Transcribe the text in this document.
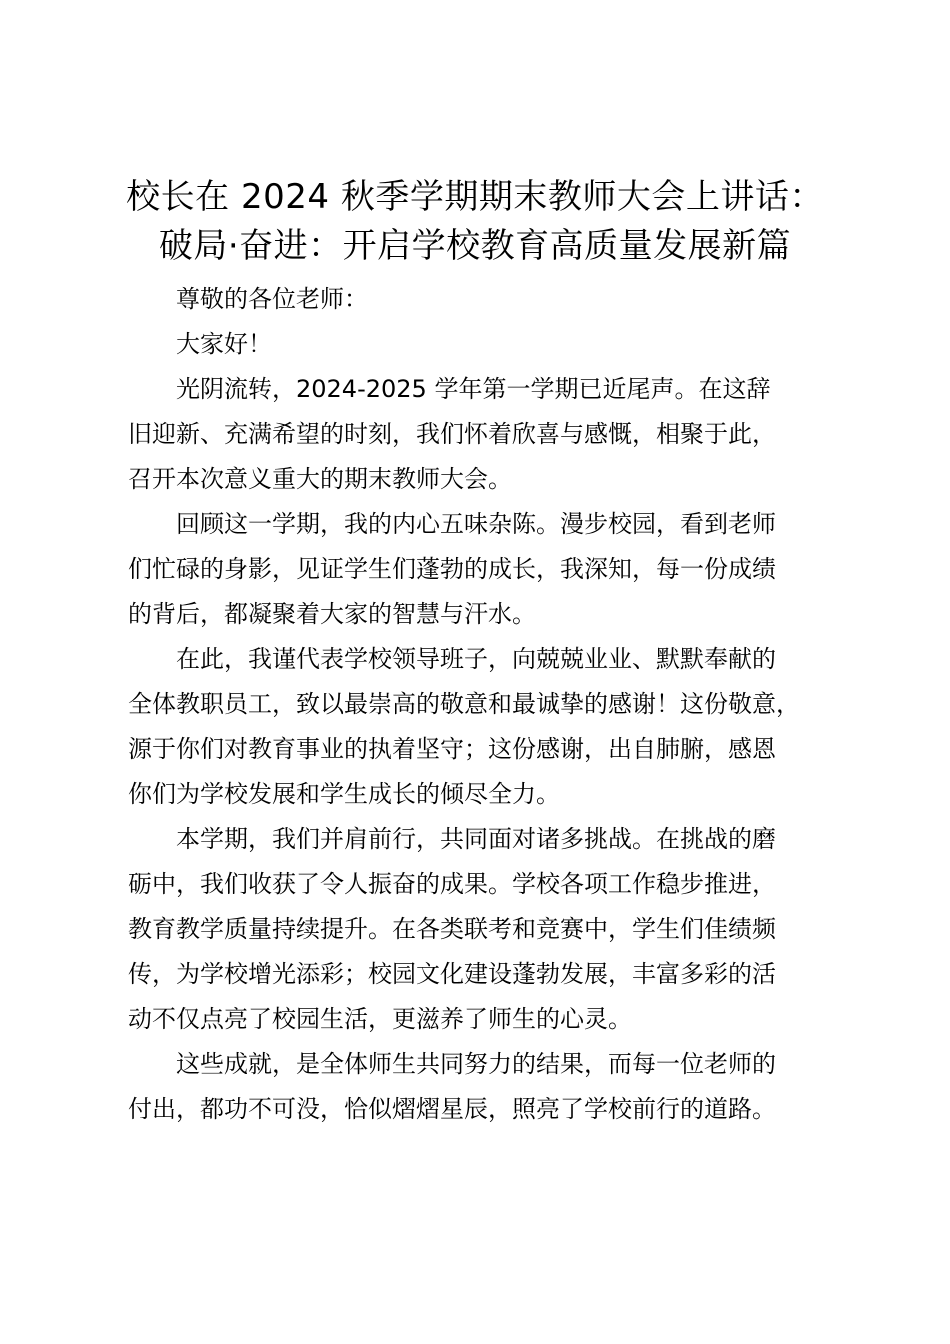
校长在 2024 秋季学期期末教师大会上讲话：
破局·奋进：开启学校教育高质量发展新篇
尊敬的各位老师：
大家好！
光阴流转，2024-2025 学年第一学期已近尾声。在这辞
旧迎新、充满希望的时刻，我们怀着欣喜与感慨，相聚于此，
召开本次意义重大的期末教师大会。
回顾这一学期，我的内心五味杂陈。漫步校园，看到老师
们忙碌的身影，见证学生们蓬勃的成长，我深知，每一份成绩
的背后，都凝聚着大家的智慧与汗水。
在此，我谨代表学校领导班子，向兢兢业业、默默奉献的
全体教职员工，致以最崇高的敬意和最诚挚的感谢！这份敬意，
源于你们对教育事业的执着坚守；这份感谢，出自肺腑，感恩
你们为学校发展和学生成长的倾尽全力。
本学期，我们并肩前行，共同面对诸多挑战。在挑战的磨
砺中，我们收获了令人振奋的成果。学校各项工作稳步推进，
教育教学质量持续提升。在各类联考和竞赛中，学生们佳绩频
传，为学校增光添彩；校园文化建设蓬勃发展，丰富多彩的活
动不仅点亮了校园生活，更滋养了师生的心灵。
这些成就，是全体师生共同努力的结果，而每一位老师的
付出，都功不可没，恰似熠熠星辰，照亮了学校前行的道路。
